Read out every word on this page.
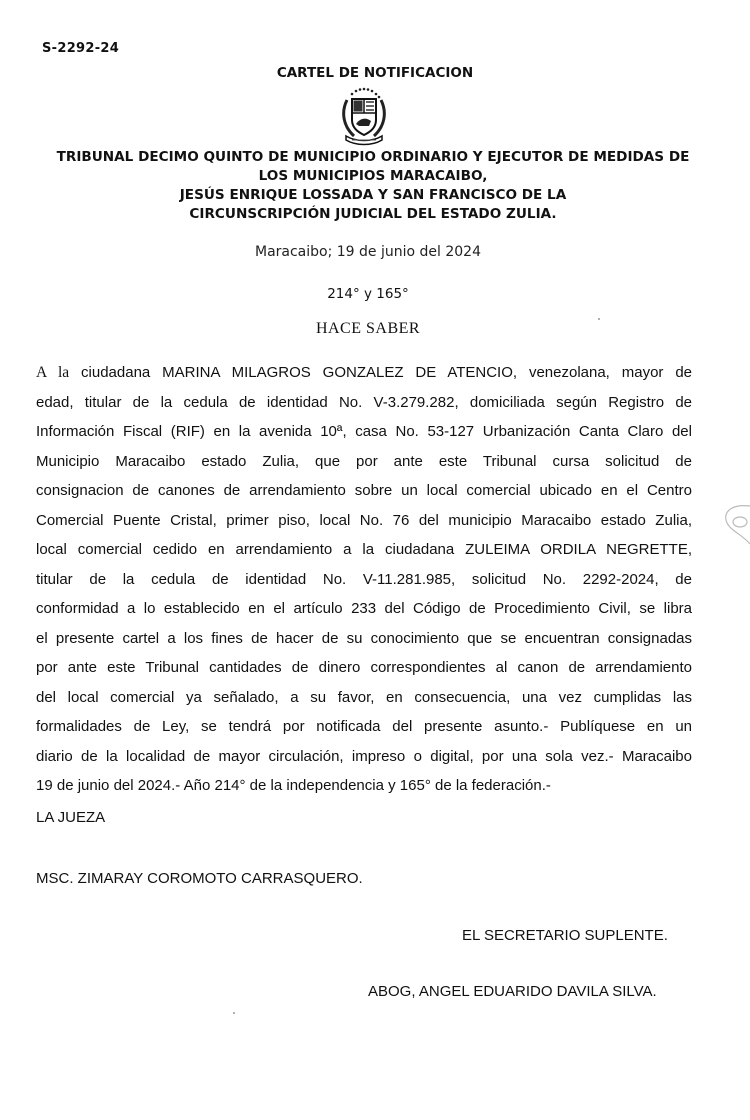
S-2292-24
CARTEL DE NOTIFICACION
TRIBUNAL DECIMO QUINTO DE MUNICIPIO ORDINARIO Y EJECUTOR DE MEDIDAS DE
LOS MUNICIPIOS MARACAIBO,
JESÚS ENRIQUE LOSSADA Y SAN FRANCISCO DE LA
CIRCUNSCRIPCIÓN JUDICIAL DEL ESTADO ZULIA.
Maracaibo; 19 de junio del 2024
214° y 165°
HACE SABER
A la ciudadana MARINA MILAGROS GONZALEZ DE ATENCIO, venezolana, mayor de
edad, titular de la cedula de identidad No. V-3.279.282, domiciliada según Registro de
Información Fiscal (RIF) en la avenida 10ª, casa No. 53-127 Urbanización Canta Claro del
Municipio Maracaibo estado Zulia, que por ante este Tribunal cursa solicitud de
consignacion de canones de arrendamiento sobre un local comercial ubicado en el Centro
Comercial Puente Cristal, primer piso, local No. 76 del municipio Maracaibo estado Zulia,
local comercial cedido en arrendamiento a la ciudadana ZULEIMA ORDILA NEGRETTE,
titular de la cedula de identidad No. V-11.281.985, solicitud No. 2292-2024, de
conformidad a lo establecido en el artículo 233 del Código de Procedimiento Civil, se libra
el presente cartel a los fines de hacer de su conocimiento que se encuentran consignadas
por ante este Tribunal cantidades de dinero correspondientes al canon de arrendamiento
del local comercial ya señalado, a su favor, en consecuencia, una vez cumplidas las
formalidades de Ley, se tendrá por notificada del presente asunto.- Publíquese en un
diario de la localidad de mayor circulación, impreso o digital, por una sola vez.- Maracaibo
19 de junio del 2024.- Año 214° de la independencia y 165° de la federación.-
LA JUEZA
MSC. ZIMARAY COROMOTO CARRASQUERO.
EL SECRETARIO SUPLENTE.
ABOG, ANGEL EDUARIDO DAVILA SILVA.
